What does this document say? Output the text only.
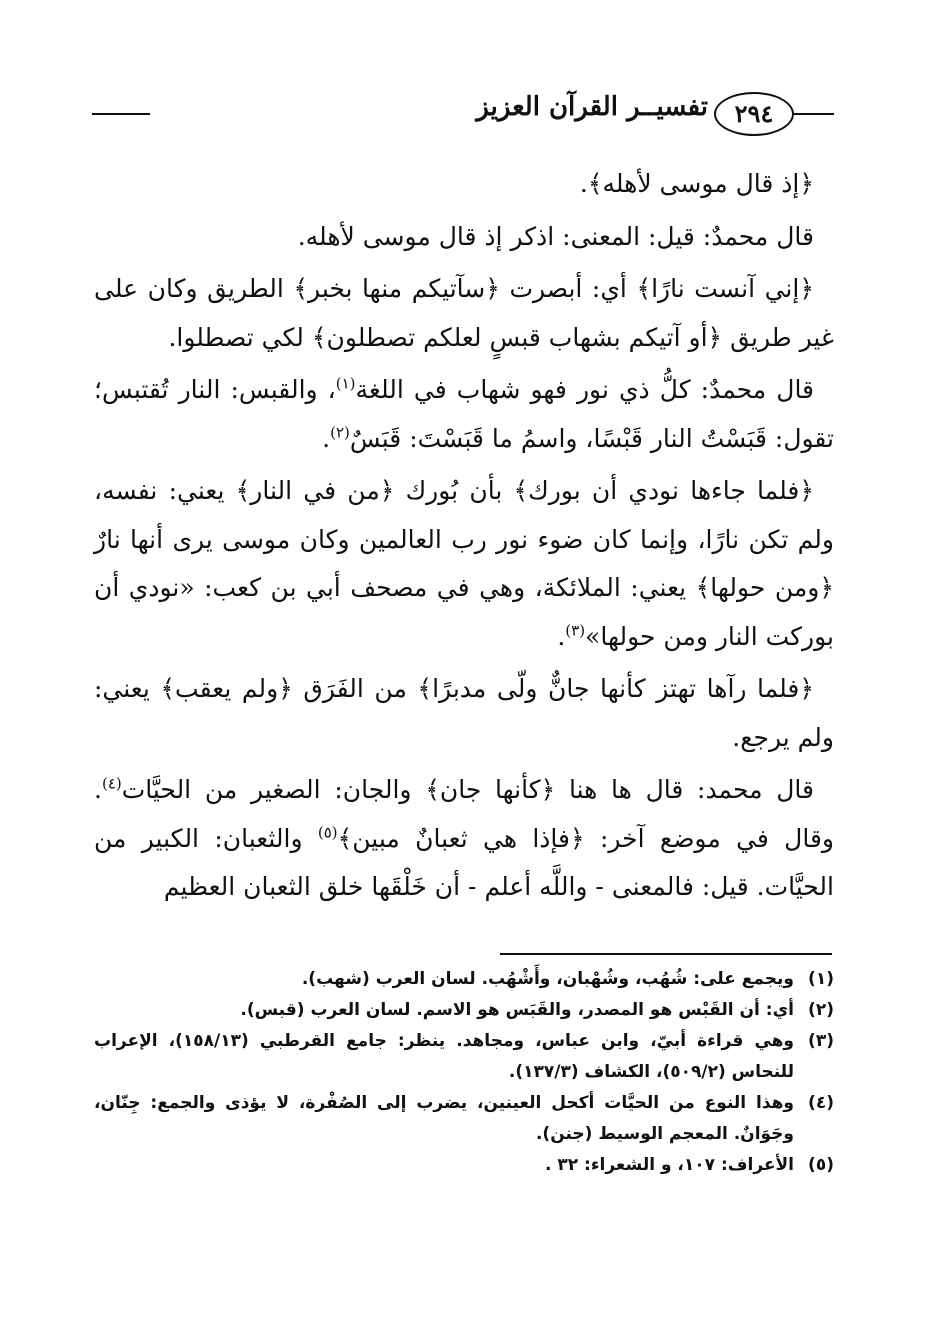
٢٩٤
تفسيــر القرآن العزيز

﴿إذ قال موسى لأهله﴾.

قال محمدٌ: قيل: المعنى: اذكر إذ قال موسى لأهله.

﴿إني آنست نارًا﴾ أي: أبصرت ﴿سآتيكم منها بخبر﴾ الطريق وكان على غير طريق ﴿أو آتيكم بشهاب قبسٍ لعلكم تصطلون﴾ لكي تصطلوا.

قال محمدٌ: كلُّ ذي نور فهو شهاب في اللغة$^{(١)}$، والقبس: النار تُقتبس؛ تقول: قَبَسْتُ النار قَبْسًا، واسمُ ما قَبَسْتَ: قَبَسٌ$^{(٢)}$.

﴿فلما جاءها نودي أن بورك﴾ بأن بُورك ﴿من في النار﴾ يعني: نفسه، ولم تكن نارًا، وإنما كان ضوء نور رب العالمين وكان موسى يرى أنها نارٌ ﴿ومن حولها﴾ يعني: الملائكة، وهي في مصحف أبي بن كعب: «نودي أن بوركت النار ومن حولها»$^{(٣)}$.

﴿فلما رآها تهتز كأنها جانٌّ ولّى مدبرًا﴾ من الفَرَق ﴿ولم يعقب﴾ يعني: ولم يرجع.

قال محمد: قال ها هنا ﴿كأنها جان﴾ والجان: الصغير من الحيَّات$^{(٤)}$. وقال في موضع آخر: ﴿فإذا هي ثعبانٌ مبين﴾$^{(٥)}$ والثعبان: الكبير من الحيَّات. قيل: فالمعنى - واللَّه أعلم - أن خَلْقَها خلق الثعبان العظيم

(١)
ويجمع على: شُهُب، وشُهْبان، وأَشْهُب. لسان العرب (شهب).
(٢)
أي: أن القَبْس هو المصدر، والقَبَس هو الاسم. لسان العرب (قبس).
(٣)
وهي قراءة أبيّ، وابن عباس، ومجاهد. ينظر: جامع القرطبي (١٥٨/١٣)، الإعراب للنحاس (٥٠٩/٢)، الكشاف (١٣٧/٣).
(٤)
وهذا النوع من الحيَّات أكحل العينين، يضرب إلى الصُفْرة، لا يؤذى والجمع: جِنّان، وجَوَانٌ. المعجم الوسيط (جنن).
(٥)
الأعراف: ١٠٧، و الشعراء: ٣٢ .
